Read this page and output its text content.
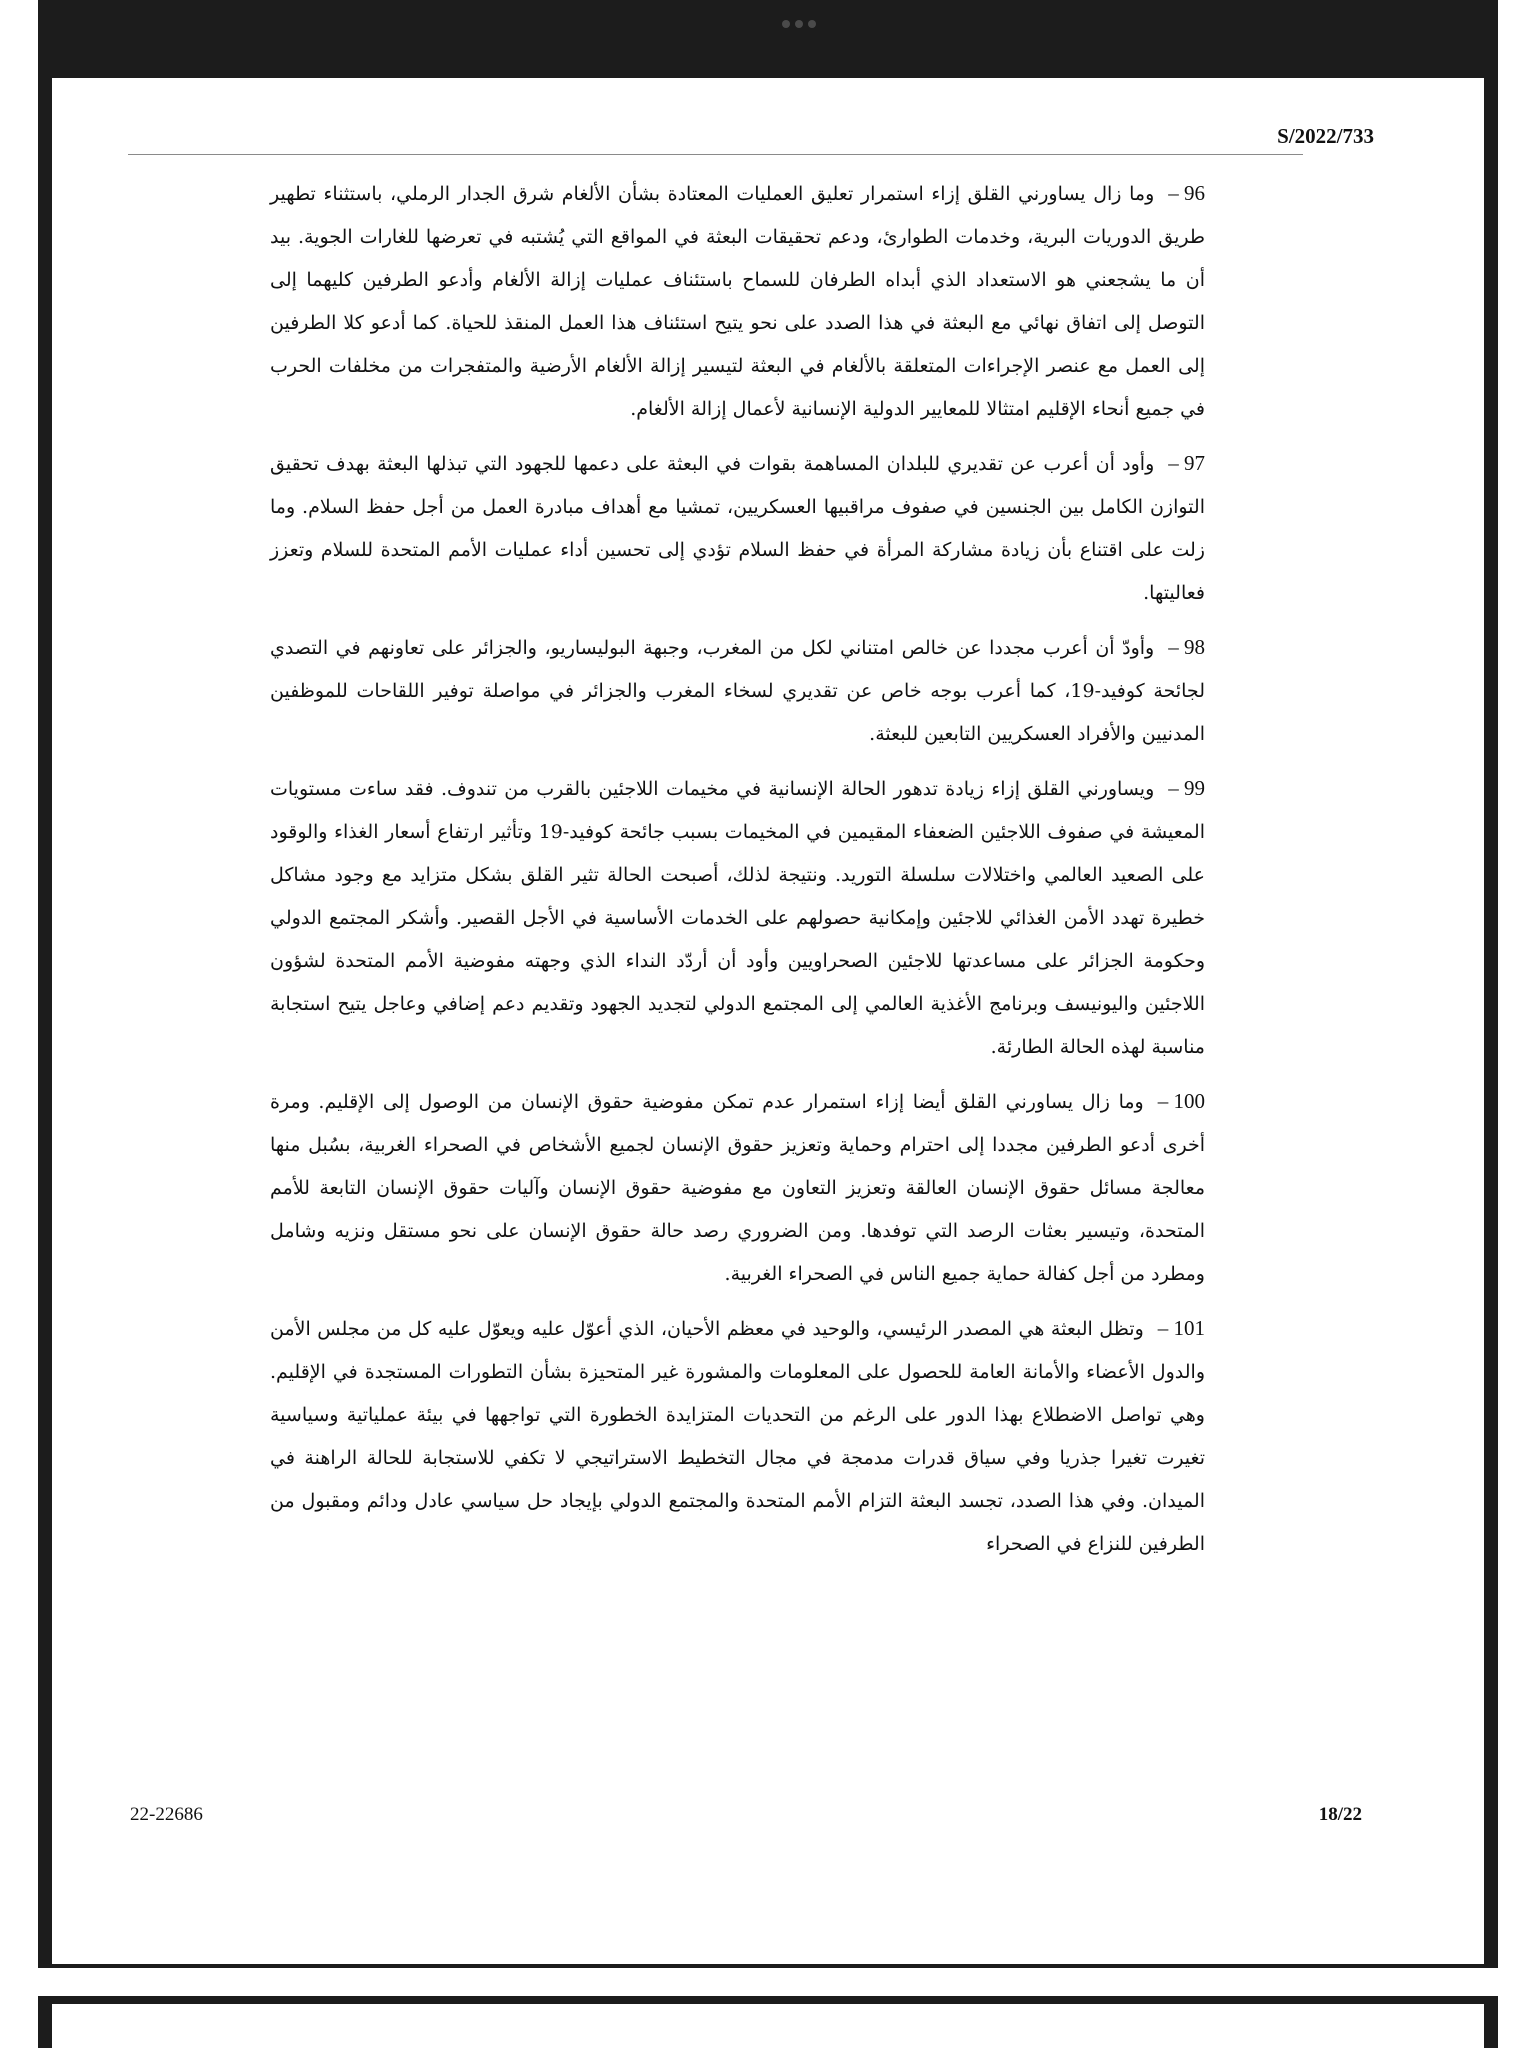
S/2022/733

96 –وما زال يساورني القلق إزاء استمرار تعليق العمليات المعتادة بشأن الألغام شرق الجدار الرملي، باستثناء تطهير طريق الدوريات البرية، وخدمات الطوارئ، ودعم تحقيقات البعثة في المواقع التي يُشتبه في تعرضها للغارات الجوية. بيد أن ما يشجعني هو الاستعداد الذي أبداه الطرفان للسماح باستئناف عمليات إزالة الألغام وأدعو الطرفين كليهما إلى التوصل إلى اتفاق نهائي مع البعثة في هذا الصدد على نحو يتيح استئناف هذا العمل المنقذ للحياة. كما أدعو كلا الطرفين إلى العمل مع عنصر الإجراءات المتعلقة بالألغام في البعثة لتيسير إزالة الألغام الأرضية والمتفجرات من مخلفات الحرب في جميع أنحاء الإقليم امتثالا للمعايير الدولية الإنسانية لأعمال إزالة الألغام.

97 –وأود أن أعرب عن تقديري للبلدان المساهمة بقوات في البعثة على دعمها للجهود التي تبذلها البعثة بهدف تحقيق التوازن الكامل بين الجنسين في صفوف مراقبيها العسكريين، تمشيا مع أهداف مبادرة العمل من أجل حفظ السلام. وما زلت على اقتناع بأن زيادة مشاركة المرأة في حفظ السلام تؤدي إلى تحسين أداء عمليات الأمم المتحدة للسلام وتعزز فعاليتها.

98 –وأودّ أن أعرب مجددا عن خالص امتناني لكل من المغرب، وجبهة البوليساريو، والجزائر على تعاونهم في التصدي لجائحة كوفيد-19، كما أعرب بوجه خاص عن تقديري لسخاء المغرب والجزائر في مواصلة توفير اللقاحات للموظفين المدنيين والأفراد العسكريين التابعين للبعثة.

99 –ويساورني القلق إزاء زيادة تدهور الحالة الإنسانية في مخيمات اللاجئين بالقرب من تندوف. فقد ساءت مستويات المعيشة في صفوف اللاجئين الضعفاء المقيمين في المخيمات بسبب جائحة كوفيد-19 وتأثير ارتفاع أسعار الغذاء والوقود على الصعيد العالمي واختلالات سلسلة التوريد. ونتيجة لذلك، أصبحت الحالة تثير القلق بشكل متزايد مع وجود مشاكل خطيرة تهدد الأمن الغذائي للاجئين وإمكانية حصولهم على الخدمات الأساسية في الأجل القصير. وأشكر المجتمع الدولي وحكومة الجزائر على مساعدتها للاجئين الصحراويين وأود أن أردّد النداء الذي وجهته مفوضية الأمم المتحدة لشؤون اللاجئين واليونيسف وبرنامج الأغذية العالمي إلى المجتمع الدولي لتجديد الجهود وتقديم دعم إضافي وعاجل يتيح استجابة مناسبة لهذه الحالة الطارئة.

100 –وما زال يساورني القلق أيضا إزاء استمرار عدم تمكن مفوضية حقوق الإنسان من الوصول إلى الإقليم. ومرة أخرى أدعو الطرفين مجددا إلى احترام وحماية وتعزيز حقوق الإنسان لجميع الأشخاص في الصحراء الغربية، بسُبل منها معالجة مسائل حقوق الإنسان العالقة وتعزيز التعاون مع مفوضية حقوق الإنسان وآليات حقوق الإنسان التابعة للأمم المتحدة، وتيسير بعثات الرصد التي توفدها. ومن الضروري رصد حالة حقوق الإنسان على نحو مستقل ونزيه وشامل ومطرد من أجل كفالة حماية جميع الناس في الصحراء الغربية.

101 –وتظل البعثة هي المصدر الرئيسي، والوحيد في معظم الأحيان، الذي أعوّل عليه ويعوّل عليه كل من مجلس الأمن والدول الأعضاء والأمانة العامة للحصول على المعلومات والمشورة غير المتحيزة بشأن التطورات المستجدة في الإقليم. وهي تواصل الاضطلاع بهذا الدور على الرغم من التحديات المتزايدة الخطورة التي تواجهها في بيئة عملياتية وسياسية تغيرت تغيرا جذريا وفي سياق قدرات مدمجة في مجال التخطيط الاستراتيجي لا تكفي للاستجابة للحالة الراهنة في الميدان. وفي هذا الصدد، تجسد البعثة التزام الأمم المتحدة والمجتمع الدولي بإيجاد حل سياسي عادل ودائم ومقبول من الطرفين للنزاع في الصحراء

22-22686	18/22
